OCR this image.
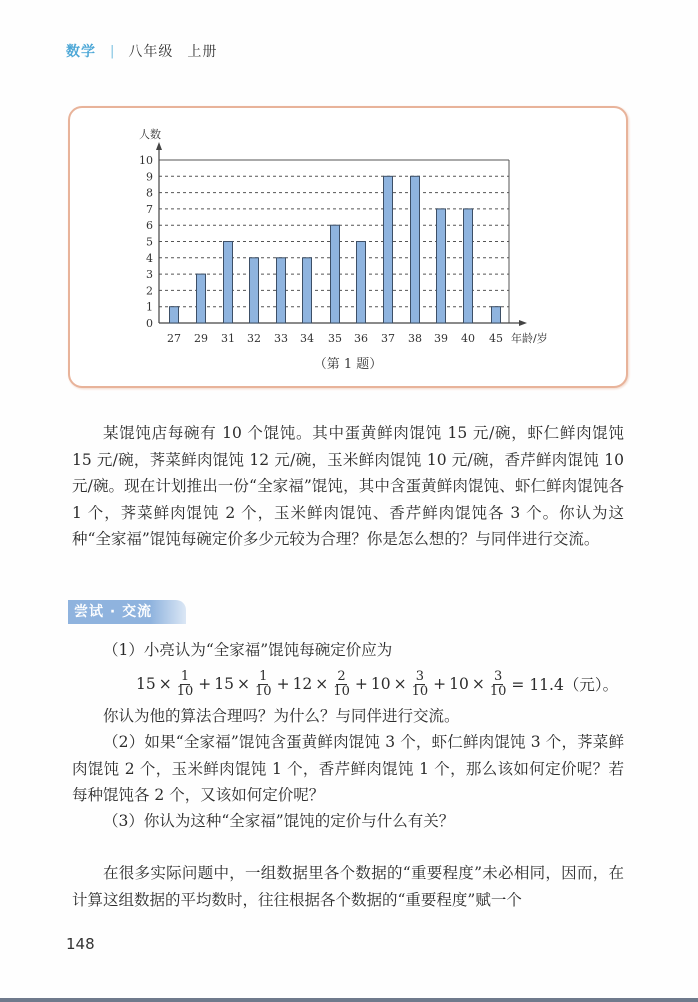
数学 | 八年级 上册
0
1
2
3
4
5
6
7
8
9
10
人数
27 29 31 32 33 34 35 36 37 38 39 40 45 年龄/岁
（第 1 题）
某馄饨店每碗有 10 个馄饨。其中蛋黄鲜肉馄饨 15 元/碗，虾仁鲜肉馄饨 15 元/碗，荠菜鲜肉馄饨 12 元/碗，玉米鲜肉馄饨 10 元/碗，香芹鲜肉馄饨 10 元/碗。现在计划推出一份“全家福”馄饨，其中含蛋黄鲜肉馄饨、虾仁鲜肉馄饨各 1 个，荠菜鲜肉馄饨 2 个，玉米鲜肉馄饨、香芹鲜肉馄饨各 3 个。你认为这种“全家福”馄饨每碗定价多少元较为合理？你是怎么想的？与同伴进行交流。
尝试 · 交流
（1）小亮认为“全家福”馄饨每碗定价应为
$15 \times \frac{1}{10} + 15 \times \frac{1}{10} + 12 \times \frac{2}{10} + 10 \times \frac{3}{10} + 10 \times \frac{3}{10} = 11.4$（元）。
你认为他的算法合理吗？为什么？与同伴进行交流。
（2）如果“全家福”馄饨含蛋黄鲜肉馄饨 3 个，虾仁鲜肉馄饨 3 个，荠菜鲜肉馄饨 2 个，玉米鲜肉馄饨 1 个，香芹鲜肉馄饨 1 个，那么该如何定价呢？若每种馄饨各 2 个，又该如何定价呢？
（3）你认为这种“全家福”馄饨的定价与什么有关？
在很多实际问题中，一组数据里各个数据的“重要程度”未必相同，因而，在计算这组数据的平均数时，往往根据各个数据的“重要程度”赋一个
148
